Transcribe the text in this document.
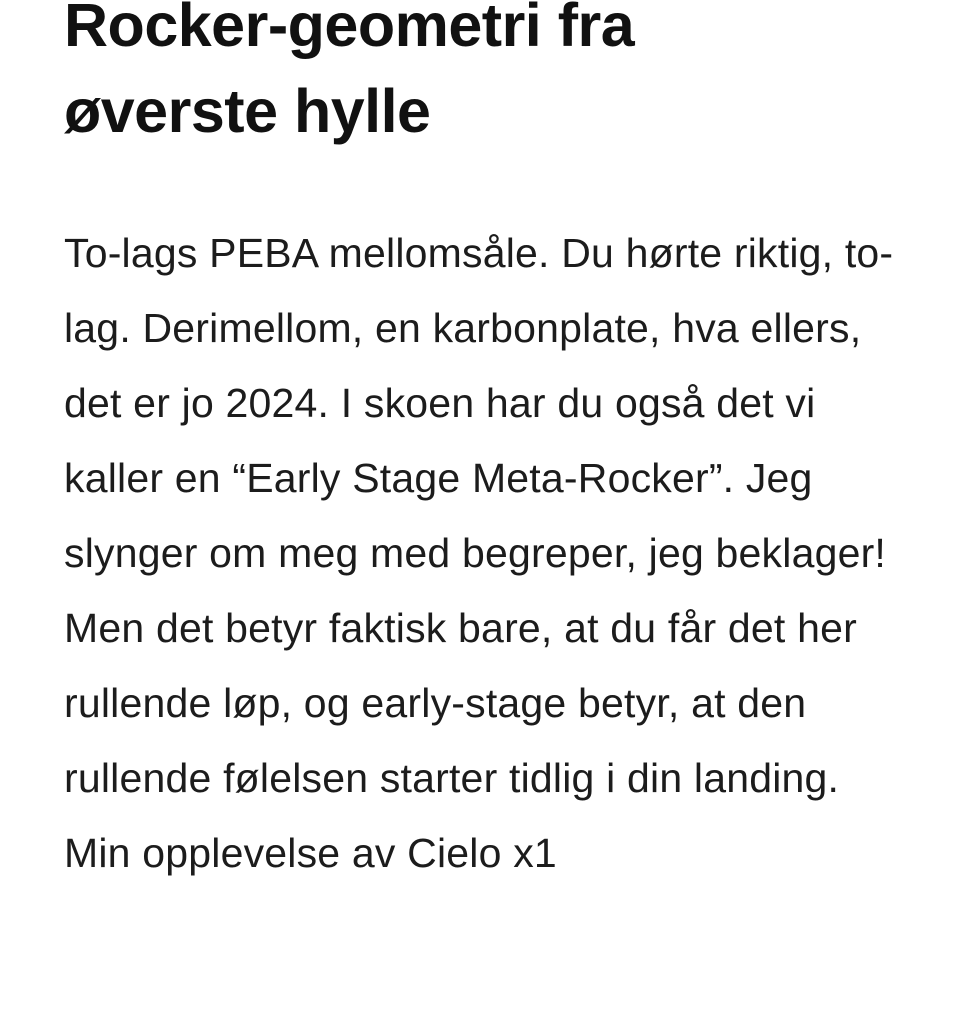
Rocker-geometri fra øverste hylle

To-lags PEBA mellomsåle. Du hørte riktig, to-lag. Derimellom, en karbonplate, hva ellers, det er jo 2024. I skoen har du også det vi kaller en “Early Stage Meta-Rocker”. Jeg slynger om meg med begreper, jeg beklager! Men det betyr faktisk bare, at du får det her rullende løp, og early-stage betyr, at den rullende følelsen starter tidlig i din landing. Min opplevelse av Cielo x1
